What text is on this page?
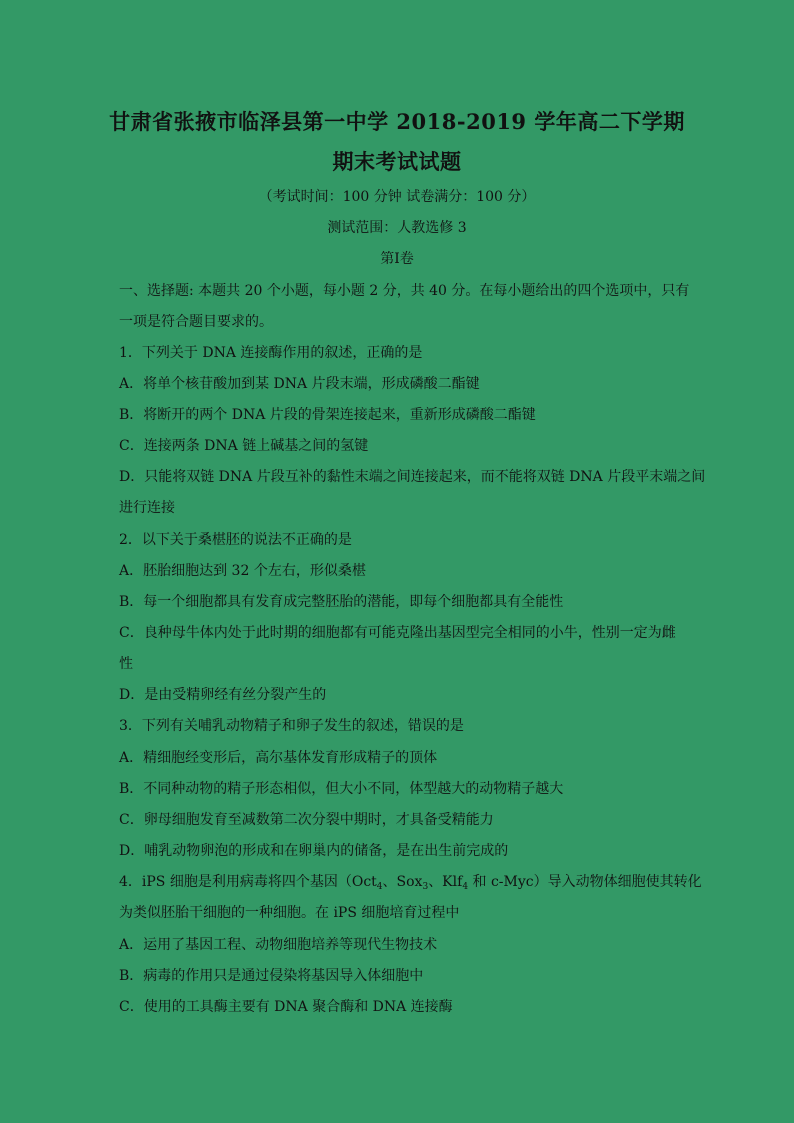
甘肃省张掖市临泽县第一中学 2018-2019 学年高二下学期
期末考试试题
（考试时间：100 分钟 试卷满分：100 分）
测试范围：人教选修 3
第Ⅰ卷
一、选择题: 本题共 20 个小题，每小题 2 分，共 40 分。在每小题给出的四个选项中，只有
一项是符合题目要求的。
1．下列关于 DNA 连接酶作用的叙述，正确的是
A．将单个核苷酸加到某 DNA 片段末端，形成磷酸二酯键
B．将断开的两个 DNA 片段的骨架连接起来，重新形成磷酸二酯键
C．连接两条 DNA 链上碱基之间的氢键
D．只能将双链 DNA 片段互补的黏性末端之间连接起来，而不能将双链 DNA 片段平末端之间
进行连接
2．以下关于桑椹胚的说法不正确的是
A．胚胎细胞达到 32 个左右，形似桑椹
B．每一个细胞都具有发育成完整胚胎的潜能，即每个细胞都具有全能性
C．良种母牛体内处于此时期的细胞都有可能克隆出基因型完全相同的小牛，性别一定为雌
性
D．是由受精卵经有丝分裂产生的
3．下列有关哺乳动物精子和卵子发生的叙述，错误的是
A．精细胞经变形后，高尔基体发育形成精子的顶体
B．不同种动物的精子形态相似，但大小不同，体型越大的动物精子越大
C．卵母细胞发育至减数第二次分裂中期时，才具备受精能力
D．哺乳动物卵泡的形成和在卵巢内的储备，是在出生前完成的
4．iPS 细胞是利用病毒将四个基因（Oct$_4$、Sox$_3$、Klf$_4$ 和 c-Myc）导入动物体细胞使其转化
为类似胚胎干细胞的一种细胞。在 iPS 细胞培育过程中
A．运用了基因工程、动物细胞培养等现代生物技术
B．病毒的作用只是通过侵染将基因导入体细胞中
C．使用的工具酶主要有 DNA 聚合酶和 DNA 连接酶
